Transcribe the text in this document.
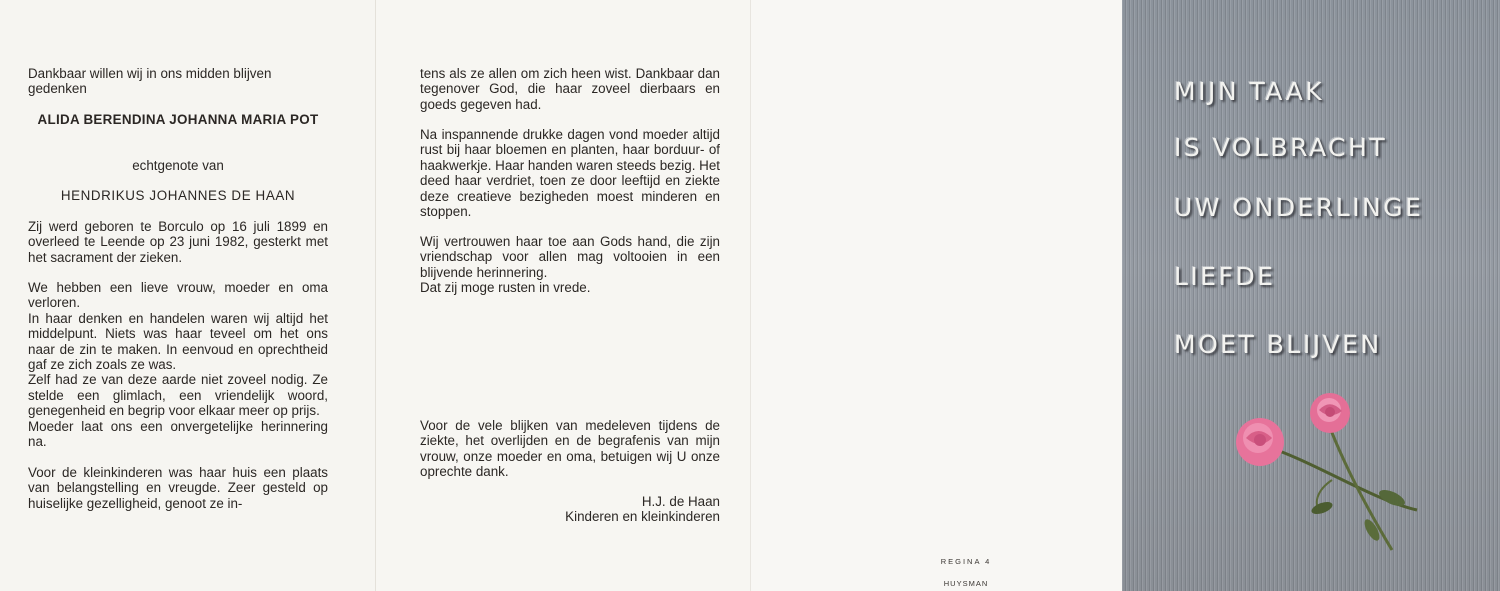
Dankbaar willen wij in ons midden blijven gedenken

ALIDA BERENDINA JOHANNA MARIA POT

echtgenote van

HENDRIKUS JOHANNES DE HAAN

Zij werd geboren te Borculo op 16 juli 1899 en overleed te Leende op 23 juni 1982, gesterkt met het sacrament der zieken.

We hebben een lieve vrouw, moeder en oma verloren.
In haar denken en handelen waren wij altijd het middelpunt. Niets was haar teveel om het ons naar de zin te maken. In eenvoud en oprechtheid gaf ze zich zoals ze was.
Zelf had ze van deze aarde niet zoveel nodig. Ze stelde een glimlach, een vriendelijk woord, genegenheid en begrip voor elkaar meer op prijs.
Moeder laat ons een onvergetelijke herinnering na.

Voor de kleinkinderen was haar huis een plaats van belangstelling en vreugde. Zeer gesteld op huiselijke gezelligheid, genoot ze in-

tens als ze allen om zich heen wist. Dankbaar dan tegenover God, die haar zoveel dierbaars en goeds gegeven had.

Na inspannende drukke dagen vond moeder altijd rust bij haar bloemen en planten, haar borduur- of haakwerkje. Haar handen waren steeds bezig. Het deed haar verdriet, toen ze door leeftijd en ziekte deze creatieve bezigheden moest minderen en stoppen.

Wij vertrouwen haar toe aan Gods hand, die zijn vriendschap voor allen mag voltooien in een blijvende herinnering.
Dat zij moge rusten in vrede.

Voor de vele blijken van medeleven tijdens de ziekte, het overlijden en de begrafenis van mijn vrouw, onze moeder en oma, betuigen wij U onze oprechte dank.

H.J. de Haan
Kinderen en kleinkinderen
REGINA 4
HUYSMAN

MIJN TAAK

IS VOLBRACHT

UW ONDERLINGE

LIEFDE

MOET BLIJVEN
